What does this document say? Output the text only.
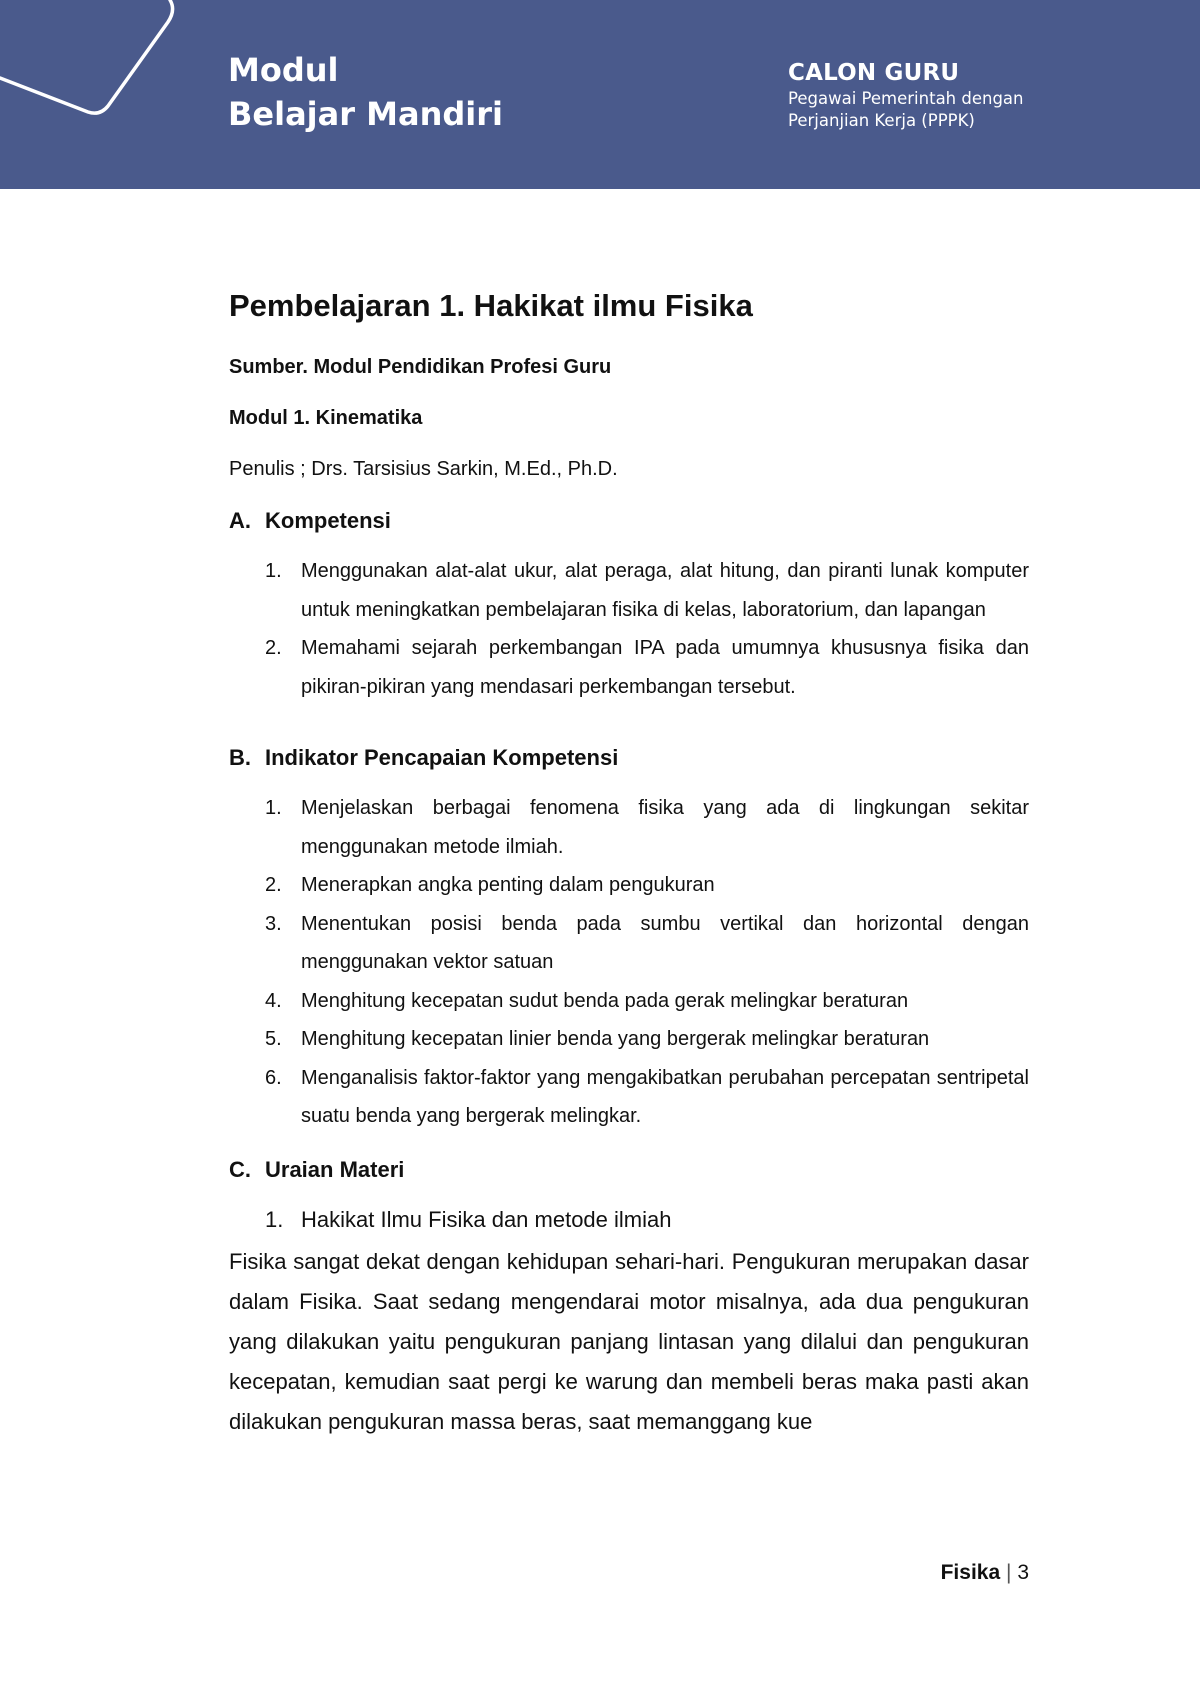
Modul
Belajar Mandiri
CALON GURU
Pegawai Pemerintah dengan
Perjanjian Kerja (PPPK)
Pembelajaran 1. Hakikat ilmu Fisika

Sumber. Modul Pendidikan Profesi Guru

Modul 1. Kinematika

Penulis ; Drs. Tarsisius Sarkin, M.Ed., Ph.D.

A. Kompetensi
1. Menggunakan alat-alat ukur, alat peraga, alat hitung, dan piranti lunak komputer untuk meningkatkan pembelajaran fisika di kelas, laboratorium, dan lapangan
2. Memahami sejarah perkembangan IPA pada umumnya khususnya fisika dan pikiran-pikiran yang mendasari perkembangan tersebut.
B. Indikator Pencapaian Kompetensi
1. Menjelaskan berbagai fenomena fisika yang ada di lingkungan sekitar menggunakan metode ilmiah.
2. Menerapkan angka penting dalam pengukuran
3. Menentukan posisi benda pada sumbu vertikal dan horizontal dengan menggunakan vektor satuan
4. Menghitung kecepatan sudut benda pada gerak melingkar beraturan
5. Menghitung kecepatan linier benda yang bergerak melingkar beraturan
6. Menganalisis faktor-faktor yang mengakibatkan perubahan percepatan sentripetal suatu benda yang bergerak melingkar.
C. Uraian Materi

1. Hakikat Ilmu Fisika dan metode ilmiah

Fisika sangat dekat dengan kehidupan sehari-hari. Pengukuran merupakan dasar dalam Fisika. Saat sedang mengendarai motor misalnya, ada dua pengukuran yang dilakukan yaitu pengukuran panjang lintasan yang dilalui dan pengukuran kecepatan, kemudian saat pergi ke warung dan membeli beras maka pasti akan dilakukan pengukuran massa beras, saat memanggang kue

Fisika | 3
